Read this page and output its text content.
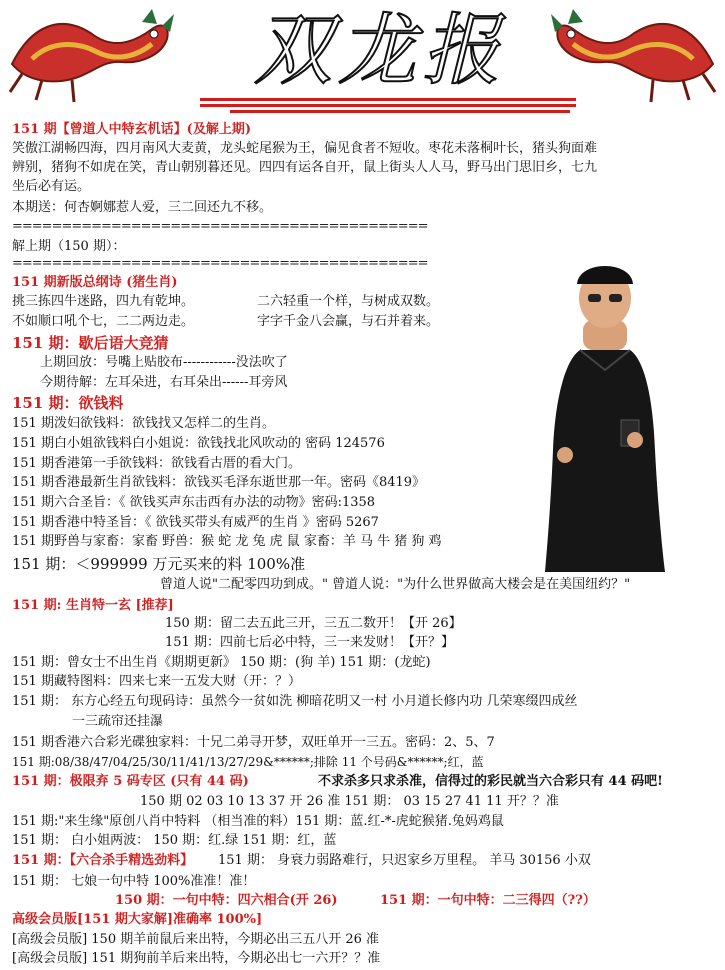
双龙报
151 期【曾道人中特玄机话】(及解上期)
笑傲江湖畅四海，四月南风大麦黄，龙头蛇尾猴为王，偏见食者不短收。枣花未落桐叶长，猪头狗面难
辨别，猪狗不如虎在笑，青山朝别暮还见。四四有运各自开，鼠上街头人人马，野马出门思旧乡，七九
坐后必有运。
本期送：何杏婀娜惹人爱，三二回还九不移。
==========================================
解上期（150 期）：
==========================================
151 期新版总纲诗 (猪生肖)
挑三拣四牛迷路，四九有乾坤。	二六轻重一个样，与树成双数。
不如顺口吼个七，二二两边走。	字字千金八会赢，与石并着来。
151 期：歇后语大竞猜
上期回放：号嘴上贴胶布------------没法吹了
今期待解：左耳朵进，右耳朵出------耳旁风
151 期：欲钱料
151 期泼妇欲钱料：欲钱找又怎样二的生肖。
151 期白小姐欲钱料白小姐说：欲钱找北风吹动的 密码 124576
151 期香港第一手欲钱料：欲钱看古厝的看大门。
151 期香港最新生肖欲钱料：欲钱买毛泽东逝世那一年。密码《8419》
151 期六合圣旨：《 欲钱买声东击西有办法的动物》密码:1358
151 期香港中特圣旨：《 欲钱买带头有威严的生肖 》密码 5267
151 期野兽与家畜：家畜 野兽：猴 蛇 龙 兔 虎 鼠 家畜：羊 马 牛 猪 狗 鸡
151 期：＜999999 万元买来的料 100%准
曾道人说"二配零四功到成。" 曾道人说："为什么世界做高大楼会是在美国纽约？"
151 期: 生肖特一玄 [推荐]
150 期：留二去五此三开，三五二数开！【开 26】
151 期：四前七后必中特，三一来发财！【开？】
151 期：曾女士不出生肖《期期更新》 150 期：(狗 羊) 151 期：(龙蛇)
151 期藏特图料：四来七来一五发大财（开：？）
151 期： 东方心经五句现码诗：虽然今一贫如洗 柳暗花明又一村 小月道长修内功 几荣寒缀四成丝
一三疏帘还挂瀑
151 期香港六合彩光碟独家料：十兄二弟寻开梦，双旺单开一三五。密码：2、5、7
151 期:08/38/47/04/25/30/11/41/13/27/29&******;排除 11 个号码&******;红，蓝
151 期：极限弃 5 码专区 (只有 44 码)	不求杀多只求杀准，信得过的彩民就当六合彩只有 44 码吧!
150 期 02 03 10 13 37 开 26 准 151 期： 03 15 27 41 11 开？？准
151 期:"来生缘"原创八肖中特料 （相当准的料）151 期：蓝.红-*-虎蛇猴猪.兔妈鸡鼠
151 期： 白小姐两波： 150 期：红.绿 151 期：红，蓝
151 期：【六合杀手精选劲料】 151 期： 身衰力弱路难行，只迟家乡万里程。 羊马 30156 小双
151 期： 七娘一句中特 100%准准！准！
150 期：一句中特：四六相合(开 26)	151 期：一句中特：二三得四（??）
高级会员版[151 期大家解]准确率 100%]
[高级会员版] 150 期羊前鼠后来出特，今期必出三五八开 26 准
[高级会员版] 151 期狗前羊后来出特，今期必出七一六开？？准
